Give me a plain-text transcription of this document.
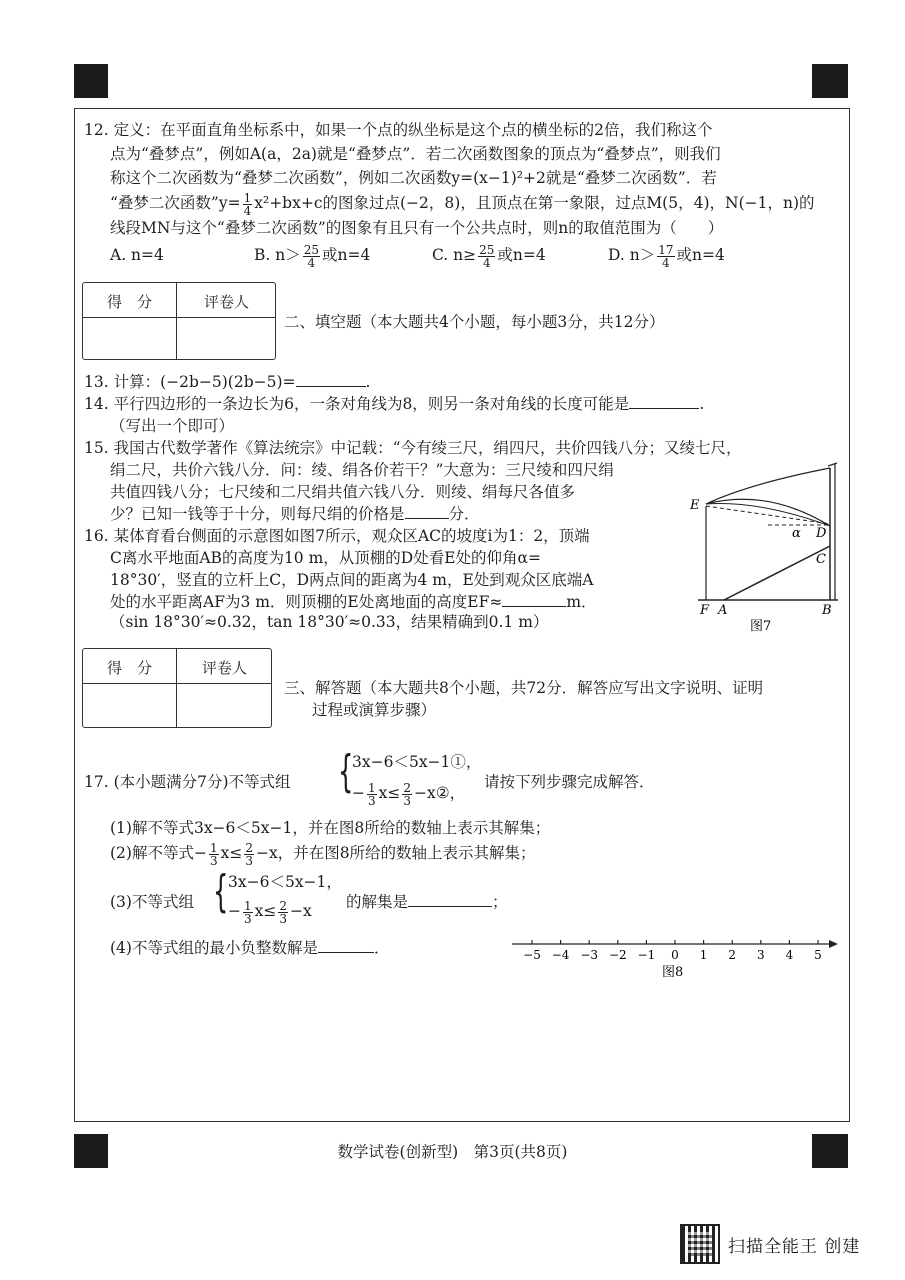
12. 定义：在平面直角坐标系中，如果一个点的纵坐标是这个点的横坐标的2倍，我们称这个
点为“叠梦点”，例如A(a，2a)就是“叠梦点”．若二次函数图象的顶点为“叠梦点”，则我们
称这个二次函数为“叠梦二次函数”，例如二次函数y=(x−1)²+2就是“叠梦二次函数”．若
“叠梦二次函数”y= $\frac{1}{4} x^2+bx+c$的图象过点(−2，8)，且顶点在第一象限，过点M(5，4)，N(−1，n)的
线段MN与这个“叠梦二次函数”的图象有且只有一个公共点时，则n的取值范围为（　　）
A. n=4	B. $n> \frac{25}{4}$ 或n=4	C. $n\ge \frac{25}{4}$ 或n=4	D. $n> \frac{17}{4}$ 或n=4
得　分	评卷人
二、填空题（本大题共4个小题，每小题3分，共12分）
13. 计算：(−2b−5)(2b−5)=	.
14. 平行四边形的一条边长为6，一条对角线为8，则另一条对角线的长度可能是	.
（写出一个即可）
15. 我国古代数学著作《算法统宗》中记载：“今有绫三尺，绢四尺，共价四钱八分；又绫七尺，
绢二尺，共价六钱八分．问：绫、绢各价若干？”大意为：三尺绫和四尺绢
共值四钱八分；七尺绫和二尺绢共值六钱八分．则绫、绢每尺各值多
少？已知一钱等于十分，则每尺绢的价格是	分．
16. 某体育看台侧面的示意图如图7所示，观众区AC的坡度i为1：2，顶端
C离水平地面AB的高度为10 m，从顶棚的D处看E处的仰角α=
18°30′，竖直的立杆上C，D两点间的距离为4 m，E处到观众区底端A
处的水平距离AF为3 m．则顶棚的E处离地面的高度EF≈	m．
（sin 18°30′≈0.32，tan 18°30′≈0.33，结果精确到0.1 m）
E
α D
C
F A	B
图7
得　分	评卷人
三、解答题（本大题共8个小题，共72分．解答应写出文字说明、证明
过程或演算步骤）
17. (本小题满分7分)不等式组 {
3x−6＜5x−1①，
− $\frac{1}{3} x\le \frac{2}{3}$ −x②，
请按下列步骤完成解答．
(1)解不等式3x−6＜5x−1，并在图8所给的数轴上表示其解集；
(2)解不等式− $\frac{1}{3} x\le \frac{2}{3} -x$，并在图8所给的数轴上表示其解集；
(3)不等式组 { 3x−6＜5x−1，
− $\frac{1}{3} x\le \frac{2}{3} -x$ 的解集是	；
(4)不等式组的最小负整数解是	．	−5 −4 −3 −2 −1 0 1 2 3 4 5
图8
数学试卷(创新型)　第3页(共8页)
扫描全能王 创建
